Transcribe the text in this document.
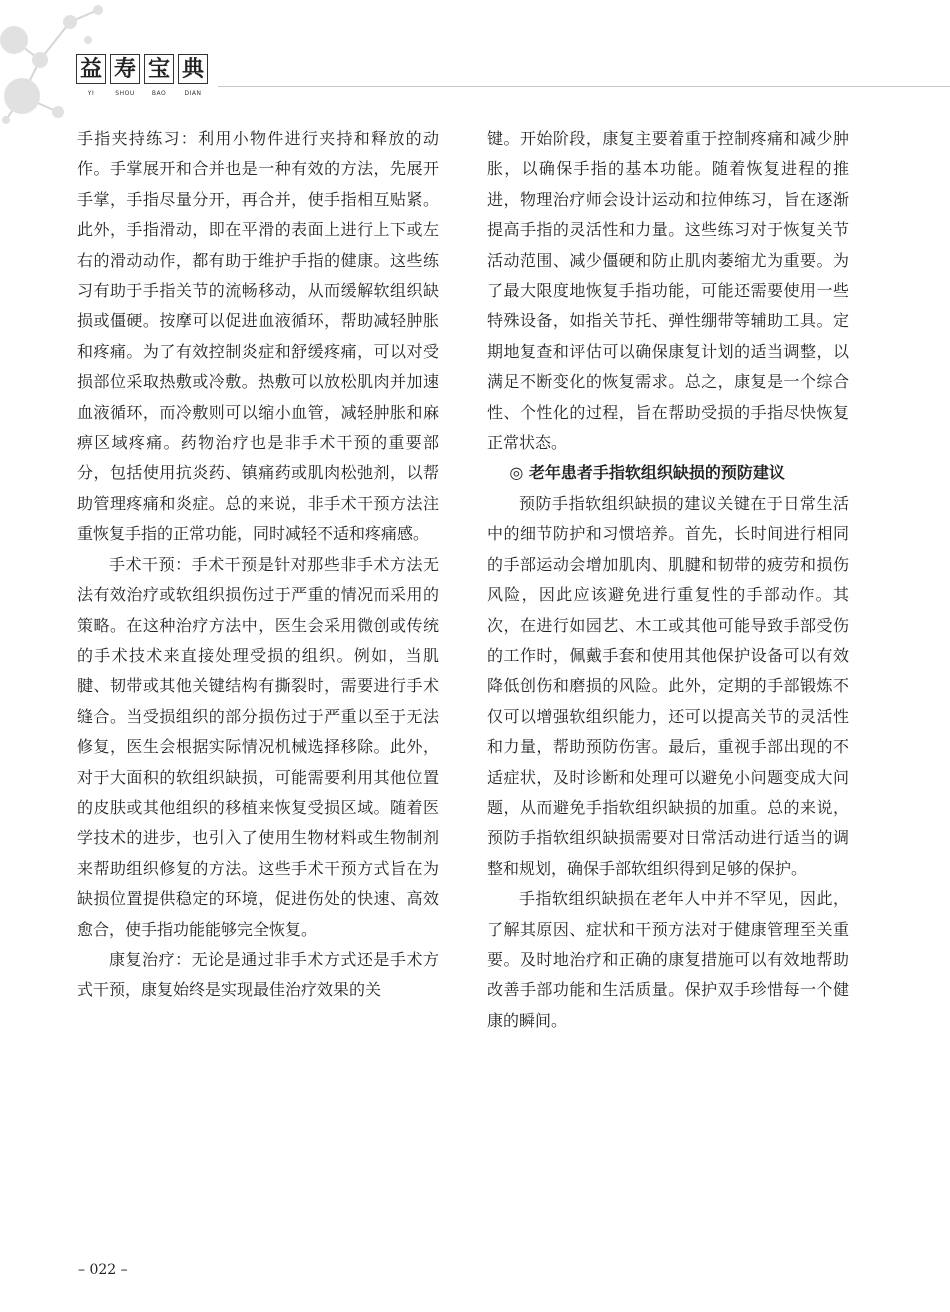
益 寿 宝 典
YI	SHOU	BAO	DIAN

手指夹持练习：利用小物件进行夹持和释放的动作。手掌展开和合并也是一种有效的方法，先展开手掌，手指尽量分开，再合并，使手指相互贴紧。此外，手指滑动，即在平滑的表面上进行上下或左右的滑动动作，都有助于维护手指的健康。这些练习有助于手指关节的流畅移动，从而缓解软组织缺损或僵硬。按摩可以促进血液循环，帮助减轻肿胀和疼痛。为了有效控制炎症和舒缓疼痛，可以对受损部位采取热敷或冷敷。热敷可以放松肌肉并加速血液循环，而冷敷则可以缩小血管，减轻肿胀和麻痹区域疼痛。药物治疗也是非手术干预的重要部分，包括使用抗炎药、镇痛药或肌肉松弛剂，以帮助管理疼痛和炎症。总的来说，非手术干预方法注重恢复手指的正常功能，同时减轻不适和疼痛感。

手术干预：手术干预是针对那些非手术方法无法有效治疗或软组织损伤过于严重的情况而采用的策略。在这种治疗方法中，医生会采用微创或传统的手术技术来直接处理受损的组织。例如，当肌腱、韧带或其他关键结构有撕裂时，需要进行手术缝合。当受损组织的部分损伤过于严重以至于无法修复，医生会根据实际情况机械选择移除。此外，对于大面积的软组织缺损，可能需要利用其他位置的皮肤或其他组织的移植来恢复受损区域。随着医学技术的进步，也引入了使用生物材料或生物制剂来帮助组织修复的方法。这些手术干预方式旨在为缺损位置提供稳定的环境，促进伤处的快速、高效愈合，使手指功能能够完全恢复。

康复治疗：无论是通过非手术方式还是手术方式干预，康复始终是实现最佳治疗效果的关

键。开始阶段，康复主要着重于控制疼痛和减少肿胀，以确保手指的基本功能。随着恢复进程的推进，物理治疗师会设计运动和拉伸练习，旨在逐渐提高手指的灵活性和力量。这些练习对于恢复关节活动范围、减少僵硬和防止肌肉萎缩尤为重要。为了最大限度地恢复手指功能，可能还需要使用一些特殊设备，如指关节托、弹性绷带等辅助工具。定期地复查和评估可以确保康复计划的适当调整，以满足不断变化的恢复需求。总之，康复是一个综合性、个性化的过程，旨在帮助受损的手指尽快恢复正常状态。

◎ 老年患者手指软组织缺损的预防建议

预防手指软组织缺损的建议关键在于日常生活中的细节防护和习惯培养。首先，长时间进行相同的手部运动会增加肌肉、肌腱和韧带的疲劳和损伤风险，因此应该避免进行重复性的手部动作。其次，在进行如园艺、木工或其他可能导致手部受伤的工作时，佩戴手套和使用其他保护设备可以有效降低创伤和磨损的风险。此外，定期的手部锻炼不仅可以增强软组织能力，还可以提高关节的灵活性和力量，帮助预防伤害。最后，重视手部出现的不适症状，及时诊断和处理可以避免小问题变成大问题，从而避免手指软组织缺损的加重。总的来说，预防手指软组织缺损需要对日常活动进行适当的调整和规划，确保手部软组织得到足够的保护。

手指软组织缺损在老年人中并不罕见，因此，了解其原因、症状和干预方法对于健康管理至关重要。及时地治疗和正确的康复措施可以有效地帮助改善手部功能和生活质量。保护双手珍惜每一个健康的瞬间。

– 022 –
